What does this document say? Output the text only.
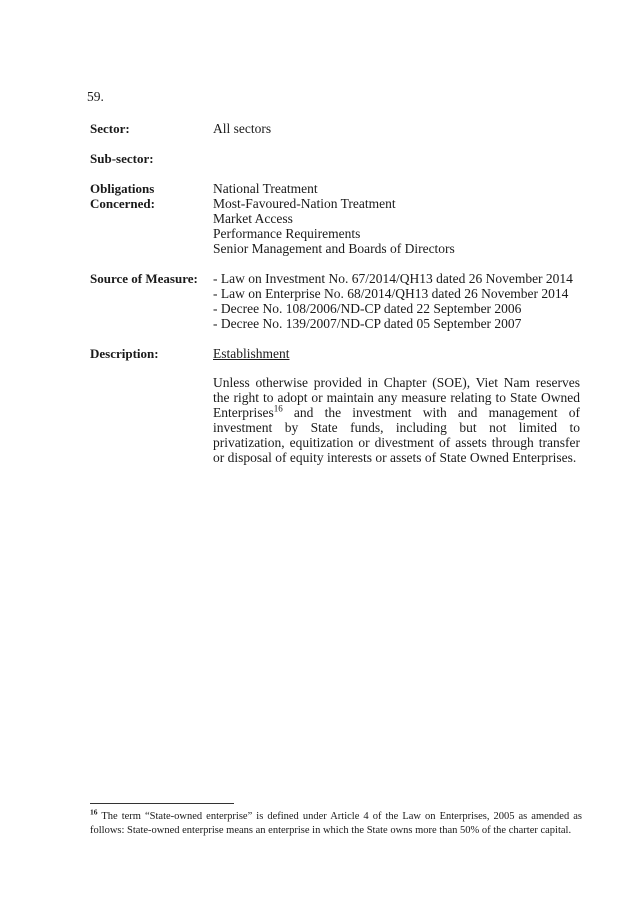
59.
Sector:	All sectors
Sub-sector:
Obligations
Concerned:
National Treatment
Most-Favoured-Nation Treatment
Market Access
Performance Requirements
Senior Management and Boards of Directors
Source of Measure:	- Law on Investment No. 67/2014/QH13 dated 26 November 2014
- Law on Enterprise No. 68/2014/QH13 dated 26 November 2014
- Decree No. 108/2006/ND-CP dated 22 September 2006
- Decree No. 139/2007/ND-CP dated 05 September 2007
Description:	Establishment
Unless otherwise provided in Chapter (SOE), Viet Nam reserves the right to adopt or maintain any measure relating to State Owned Enterprises$^{16}$ and the investment with and management of investment by State funds, including but not limited to privatization, equitization or divestment of assets through transfer or disposal of equity interests or assets of State Owned Enterprises.
$^{16}$ The term “State-owned enterprise” is defined under Article 4 of the Law on Enterprises, 2005 as amended as follows: State-owned enterprise means an enterprise in which the State owns more than 50% of the charter capital.
